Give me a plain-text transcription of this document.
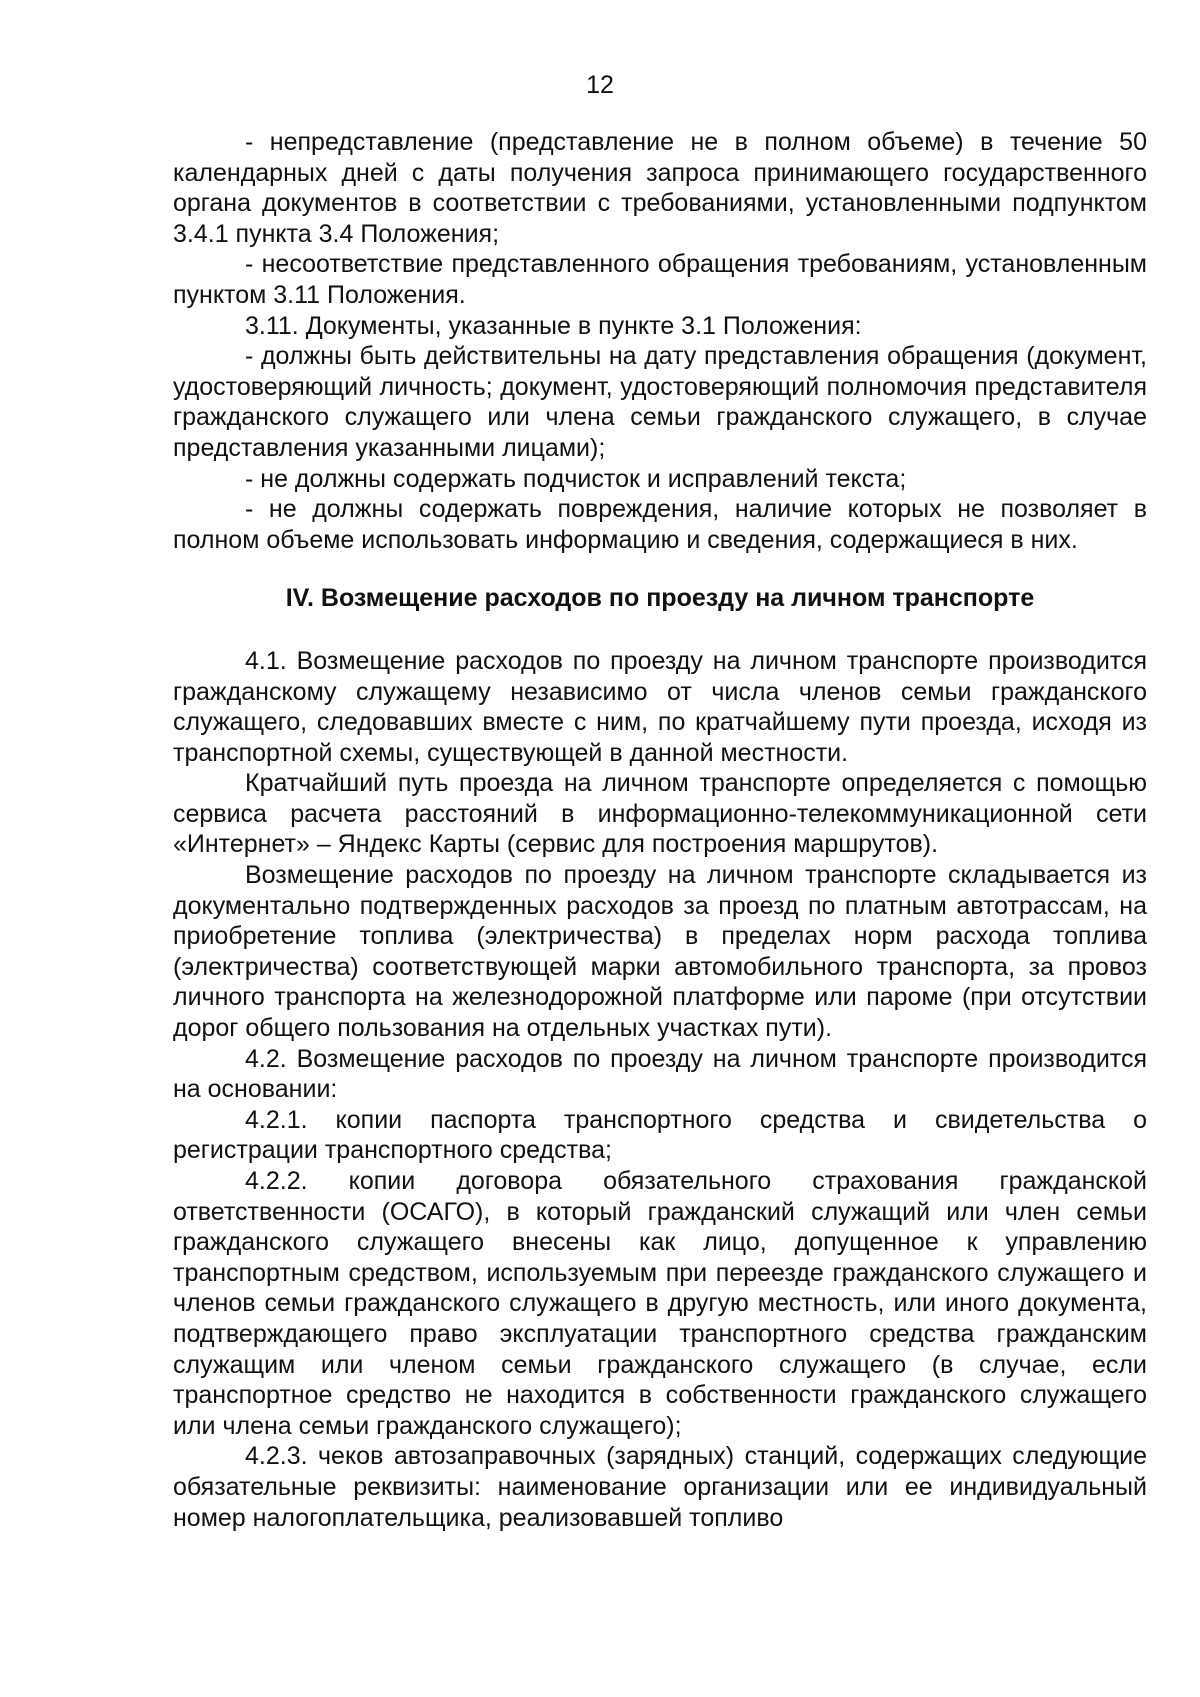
12

- непредставление (представление не в полном объеме) в течение 50 календарных дней с даты получения запроса принимающего государственного органа документов в соответствии с требованиями, установленными подпунктом 3.4.1 пункта 3.4 Положения;

- несоответствие представленного обращения требованиям, установленным пунктом 3.11 Положения.

3.11. Документы, указанные в пункте 3.1 Положения:

- должны быть действительны на дату представления обращения (документ, удостоверяющий личность; документ, удостоверяющий полномочия представителя гражданского служащего или члена семьи гражданского служащего, в случае представления указанными лицами);

- не должны содержать подчисток и исправлений текста;

- не должны содержать повреждения, наличие которых не позволяет в полном объеме использовать информацию и сведения, содержащиеся в них.

IV. Возмещение расходов по проезду на личном транспорте

4.1. Возмещение расходов по проезду на личном транспорте производится гражданскому служащему независимо от числа членов семьи гражданского служащего, следовавших вместе с ним, по кратчайшему пути проезда, исходя из транспортной схемы, существующей в данной местности.

Кратчайший путь проезда на личном транспорте определяется с помощью сервиса расчета расстояний в информационно-телекоммуникационной сети «Интернет» – Яндекс Карты (сервис для построения маршрутов).

Возмещение расходов по проезду на личном транспорте складывается из документально подтвержденных расходов за проезд по платным автотрассам, на приобретение топлива (электричества) в пределах норм расхода топлива (электричества) соответствующей марки автомобильного транспорта, за провоз личного транспорта на железнодорожной платформе или пароме (при отсутствии дорог общего пользования на отдельных участках пути).

4.2. Возмещение расходов по проезду на личном транспорте производится на основании:

4.2.1. копии паспорта транспортного средства и свидетельства о регистрации транспортного средства;

4.2.2. копии договора обязательного страхования гражданской ответственности (ОСАГО), в который гражданский служащий или член семьи гражданского служащего внесены как лицо, допущенное к управлению транспортным средством, используемым при переезде гражданского служащего и членов семьи гражданского служащего в другую местность, или иного документа, подтверждающего право эксплуатации транспортного средства гражданским служащим или членом семьи гражданского служащего (в случае, если транспортное средство не находится в собственности гражданского служащего или члена семьи гражданского служащего);

4.2.3. чеков автозаправочных (зарядных) станций, содержащих следующие обязательные реквизиты: наименование организации или ее индивидуальный номер налогоплательщика, реализовавшей топливо
